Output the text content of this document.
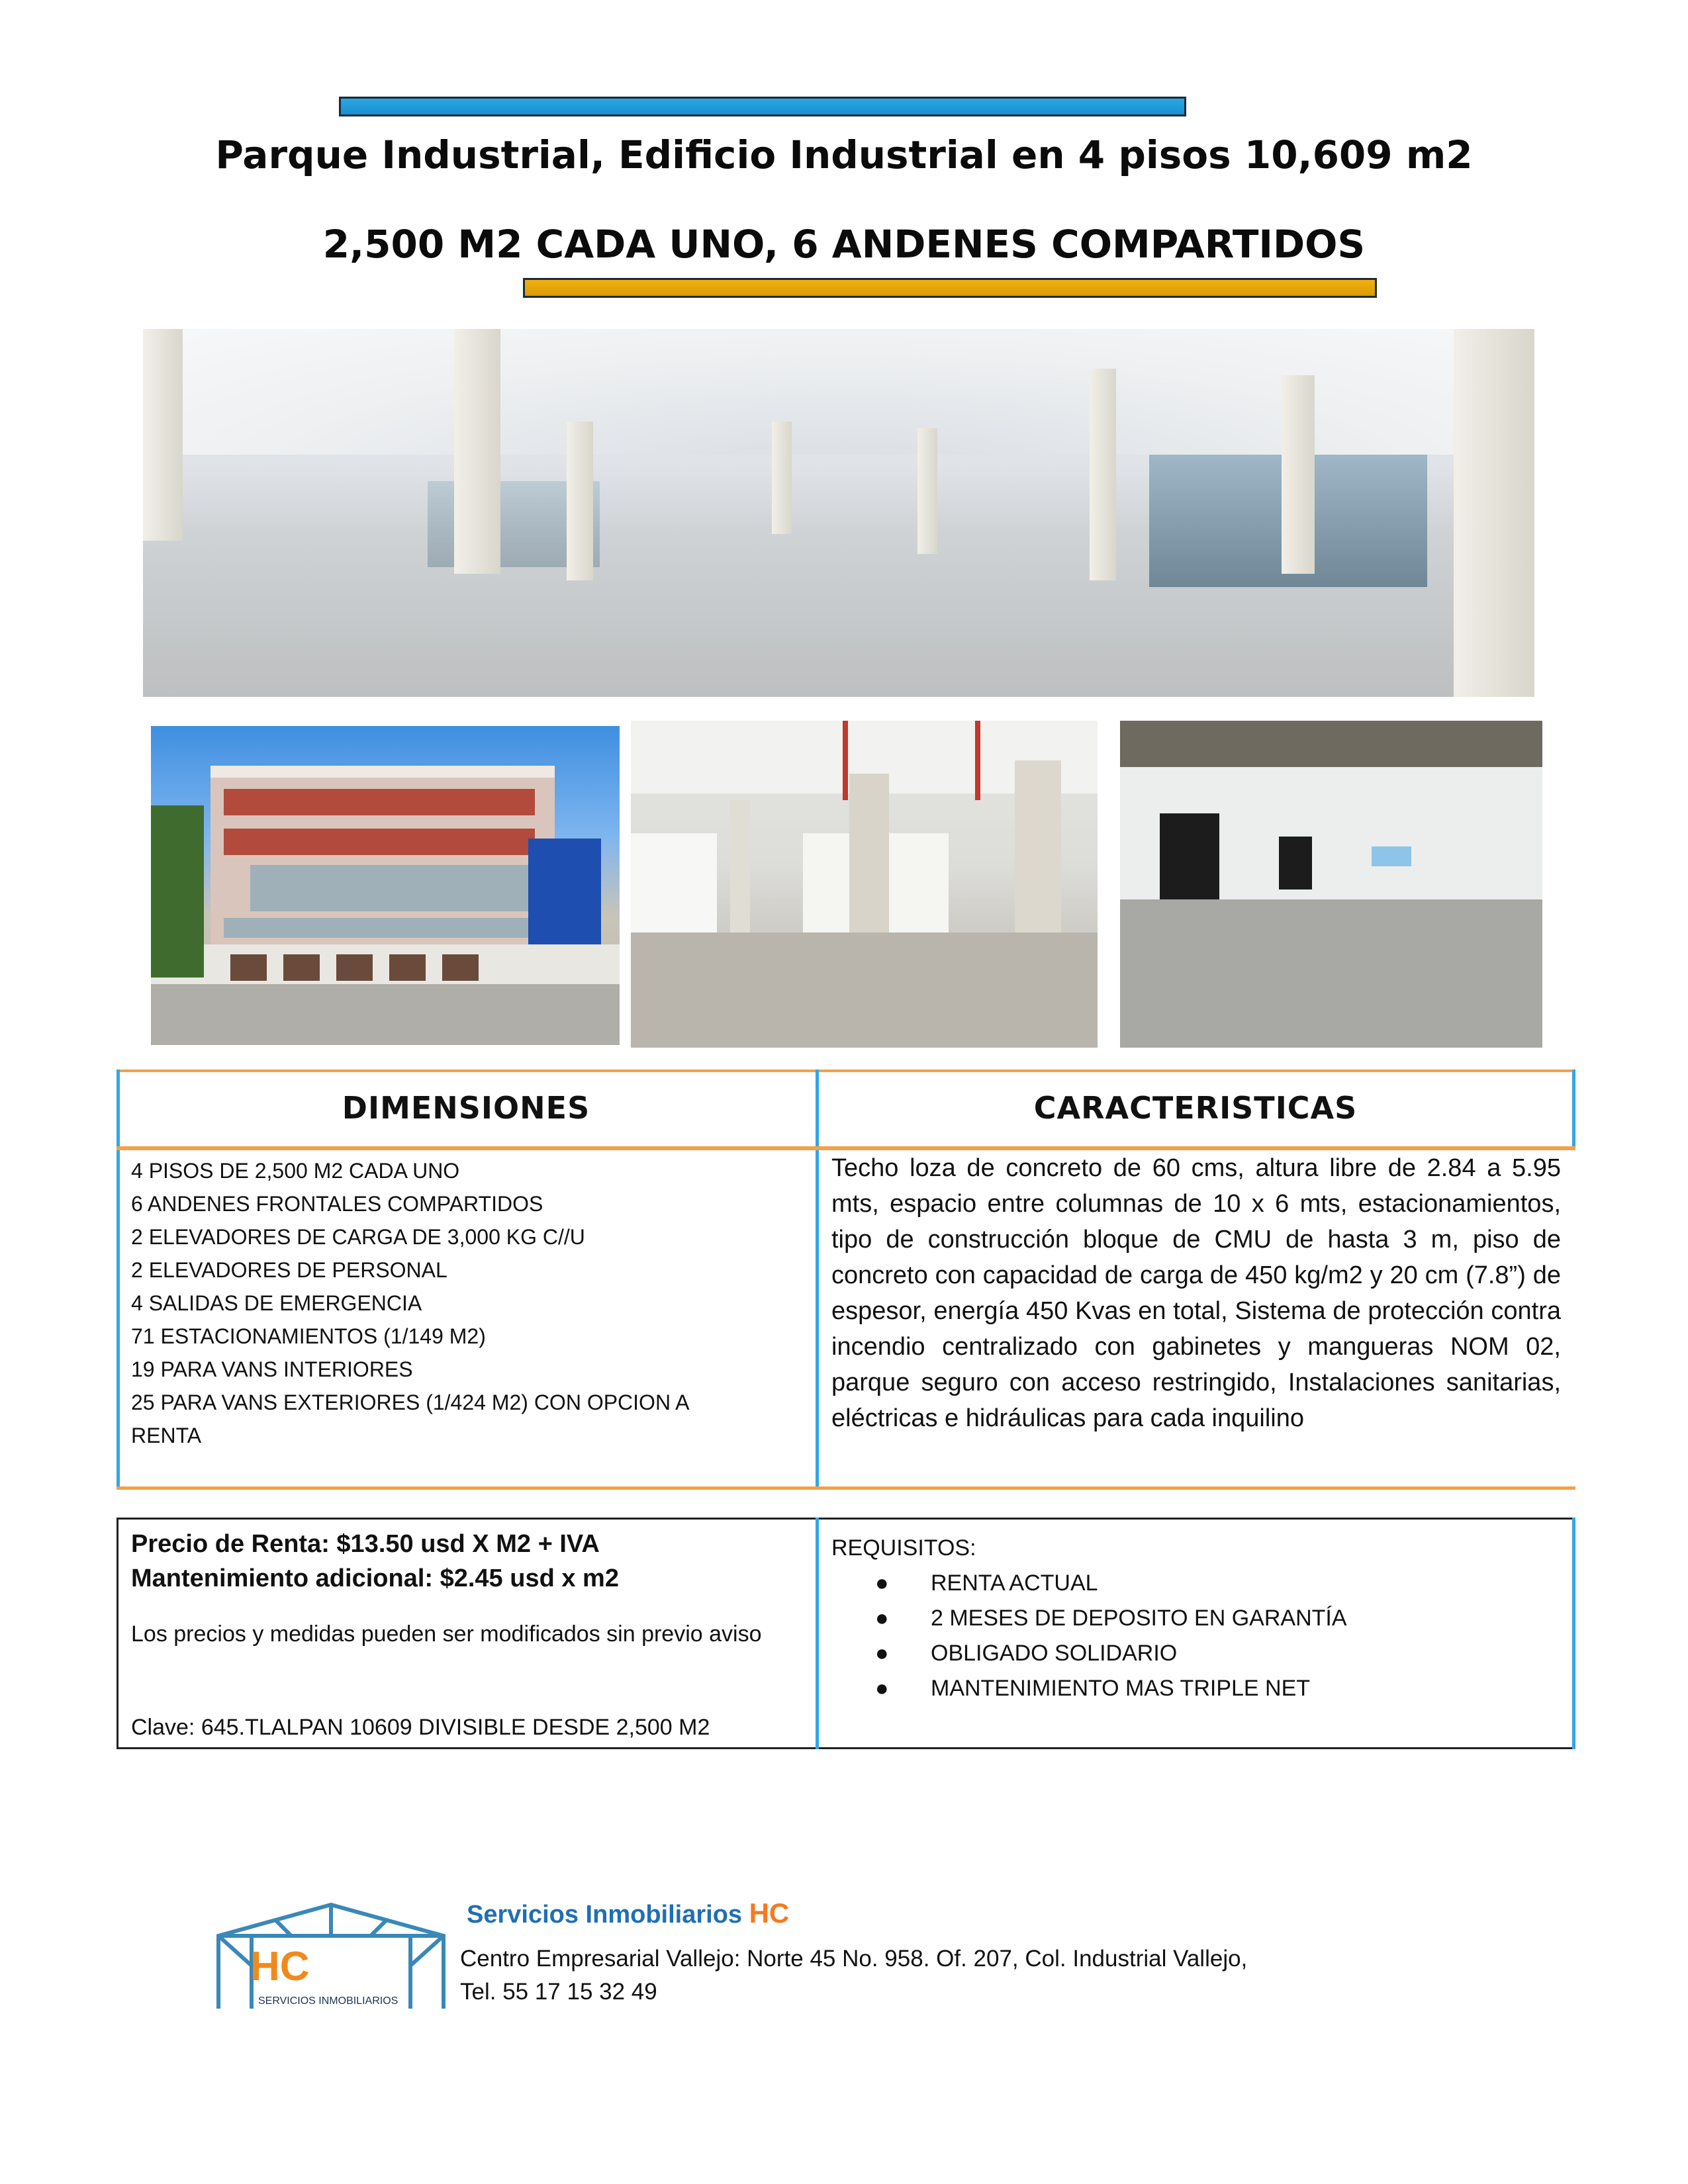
Parque Industrial, Edificio Industrial en 4 pisos 10,609 m2
2,500 M2 CADA UNO, 6 ANDENES COMPARTIDOS
DIMENSIONES	CARACTERISTICAS
4 PISOS DE 2,500 M2 CADA UNO
6 ANDENES FRONTALES COMPARTIDOS
2 ELEVADORES DE CARGA DE 3,000 KG C//U
2 ELEVADORES DE PERSONAL
4 SALIDAS DE EMERGENCIA
71 ESTACIONAMIENTOS (1/149 M2)
19 PARA VANS INTERIORES
25 PARA VANS EXTERIORES (1/424 M2) CON OPCION A
RENTA
Techo loza de concreto de 60 cms, altura libre de 2.84 a 5.95 mts, espacio entre columnas de 10 x 6 mts, estacionamientos, tipo de construcción bloque de CMU de hasta 3 m, piso de concreto con capacidad de carga de 450 kg/m2 y 20 cm (7.8”) de espesor, energía 450 Kvas en total, Sistema de protección contra incendio centralizado con gabinetes y mangueras NOM 02, parque seguro con acceso restringido, Instalaciones sanitarias, eléctricas e hidráulicas para cada inquilino
Precio de Renta: $13.50 usd X M2 + IVA
Mantenimiento adicional: $2.45 usd x m2
Los precios y medidas pueden ser modificados sin previo aviso
Clave: 645.TLALPAN 10609 DIVISIBLE DESDE 2,500 M2
REQUISITOS:
● RENTA ACTUAL
● 2 MESES DE DEPOSITO EN GARANTÍA
● OBLIGADO SOLIDARIO
● MANTENIMIENTO MAS TRIPLE NET
HC
SERVICIOS INMOBILIARIOS
Servicios Inmobiliarios HC
Centro Empresarial Vallejo: Norte 45 No. 958. Of. 207, Col. Industrial Vallejo,
Tel. 55 17 15 32 49
